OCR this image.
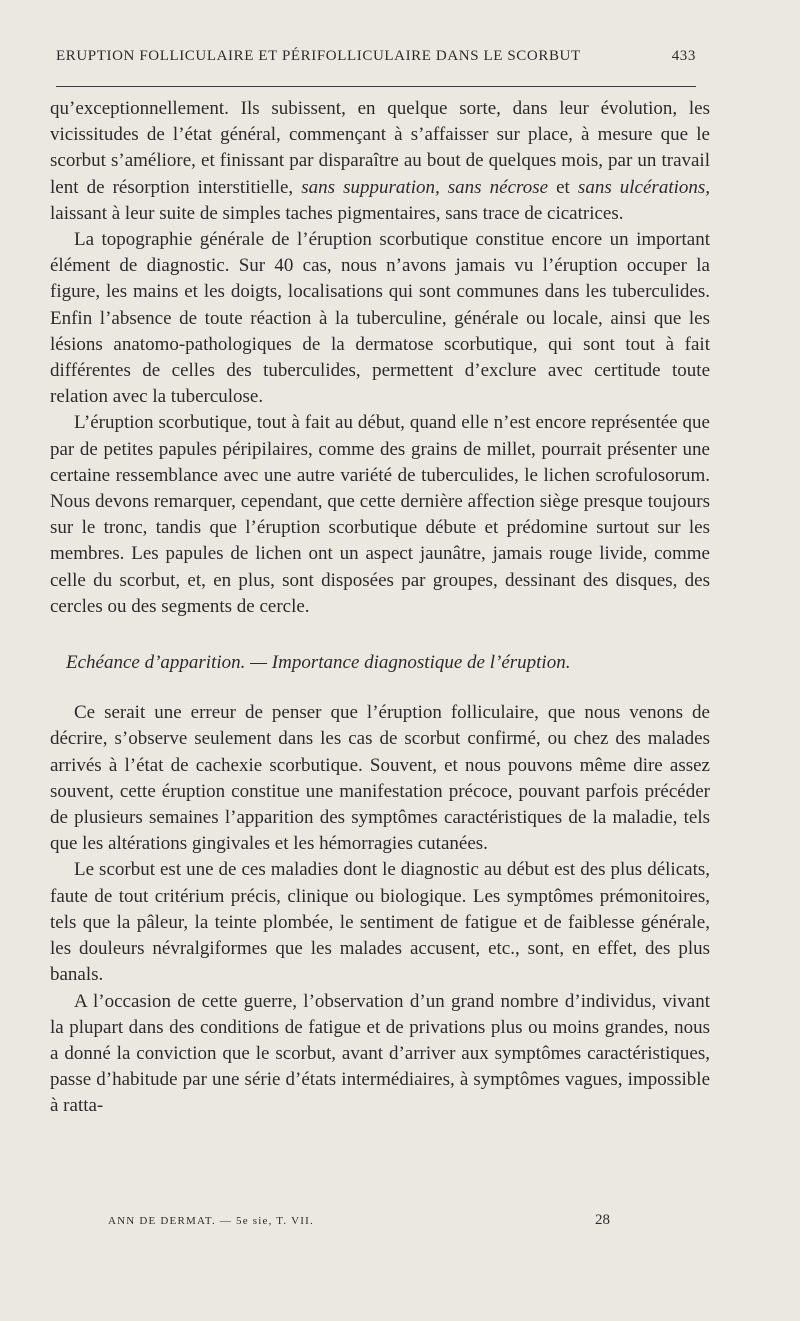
ERUPTION FOLLICULAIRE ET PÉRIFOLLICULAIRE DANS LE SCORBUT	433

qu’exceptionnellement. Ils subissent, en quelque sorte, dans leur évolution, les vicissitudes de l’état général, commençant à s’affaisser sur place, à mesure que le scorbut s’améliore, et finissant par disparaître au bout de quelques mois, par un travail lent de résorption interstitielle, sans suppuration, sans nécrose et sans ulcérations, laissant à leur suite de simples taches pigmentaires, sans trace de cicatrices.

La topographie générale de l’éruption scorbutique constitue encore un important élément de diagnostic. Sur 40 cas, nous n’avons jamais vu l’éruption occuper la figure, les mains et les doigts, localisations qui sont communes dans les tuberculides. Enfin l’absence de toute réaction à la tuberculine, générale ou locale, ainsi que les lésions anatomo-pathologiques de la dermatose scorbutique, qui sont tout à fait différentes de celles des tuberculides, permettent d’exclure avec certitude toute relation avec la tuberculose.

L’éruption scorbutique, tout à fait au début, quand elle n’est encore représentée que par de petites papules péripilaires, comme des grains de millet, pourrait présenter une certaine ressemblance avec une autre variété de tuberculides, le lichen scrofulosorum. Nous devons remarquer, cependant, que cette dernière affection siège presque toujours sur le tronc, tandis que l’éruption scorbutique débute et prédomine surtout sur les membres. Les papules de lichen ont un aspect jaunâtre, jamais rouge livide, comme celle du scorbut, et, en plus, sont disposées par groupes, dessinant des disques, des cercles ou des segments de cercle.

Echéance d’apparition. — Importance diagnostique de l’éruption.

Ce serait une erreur de penser que l’éruption folliculaire, que nous venons de décrire, s’observe seulement dans les cas de scorbut confirmé, ou chez des malades arrivés à l’état de cachexie scorbutique. Souvent, et nous pouvons même dire assez souvent, cette éruption constitue une manifestation précoce, pouvant parfois précéder de plusieurs semaines l’apparition des symptômes caractéristiques de la maladie, tels que les altérations gingivales et les hémorragies cutanées.

Le scorbut est une de ces maladies dont le diagnostic au début est des plus délicats, faute de tout critérium précis, clinique ou biologique. Les symptômes prémonitoires, tels que la pâleur, la teinte plombée, le sentiment de fatigue et de faiblesse générale, les douleurs névralgiformes que les malades accusent, etc., sont, en effet, des plus banals.

A l’occasion de cette guerre, l’observation d’un grand nombre d’individus, vivant la plupart dans des conditions de fatigue et de privations plus ou moins grandes, nous a donné la conviction que le scorbut, avant d’arriver aux symptômes caractéristiques, passe d’habitude par une série d’états intermédiaires, à symptômes vagues, impossible à ratta-

ANN DE DERMAT. — 5e sie, T. VII.	28
